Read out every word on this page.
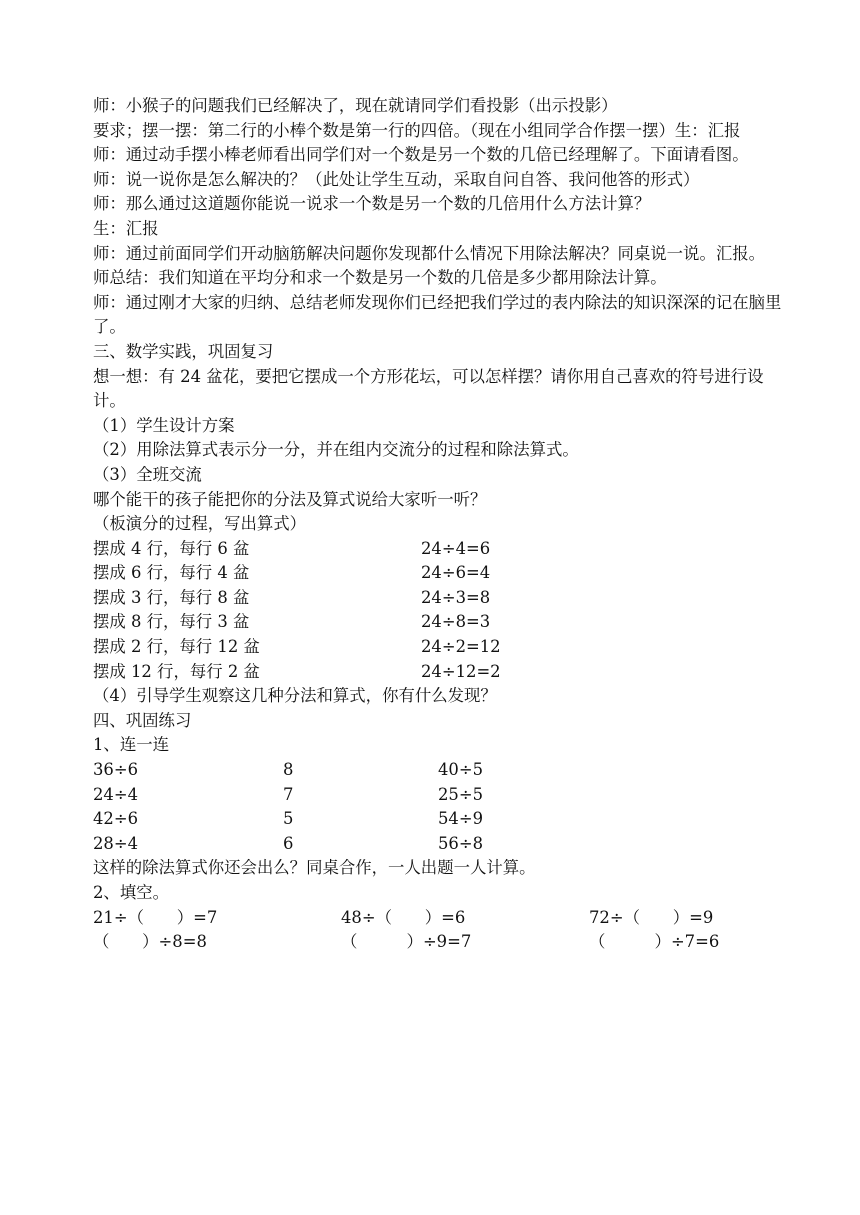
师：小猴子的问题我们已经解决了，现在就请同学们看投影（出示投影）

要求；摆一摆：第二行的小棒个数是第一行的四倍。（现在小组同学合作摆一摆）生：汇报

师：通过动手摆小棒老师看出同学们对一个数是另一个数的几倍已经理解了。下面请看图。

师：说一说你是怎么解决的？（此处让学生互动，采取自问自答、我问他答的形式）

师：那么通过这道题你能说一说求一个数是另一个数的几倍用什么方法计算？

生：汇报

师：通过前面同学们开动脑筋解决问题你发现都什么情况下用除法解决？同桌说一说。汇报。

师总结：我们知道在平均分和求一个数是另一个数的几倍是多少都用除法计算。

师：通过刚才大家的归纳、总结老师发现你们已经把我们学过的表内除法的知识深深的记在脑里了。

三、数学实践，巩固复习

想一想：有 24 盆花，要把它摆成一个方形花坛，可以怎样摆？请你用自己喜欢的符号进行设计。

（1）学生设计方案

（2）用除法算式表示分一分，并在组内交流分的过程和除法算式。

（3）全班交流

哪个能干的孩子能把你的分法及算式说给大家听一听？

（板演分的过程，写出算式）

摆成 4 行，每行 6 盆	24÷4=6
摆成 6 行，每行 4 盆	24÷6=4
摆成 3 行，每行 8 盆	24÷3=8
摆成 8 行，每行 3 盆	24÷8=3
摆成 2 行，每行 12 盆	24÷2=12
摆成 12 行，每行 2 盆	24÷12=2

（4）引导学生观察这几种分法和算式，你有什么发现？

四、巩固练习

1、连一连

36÷6	8	40÷5
24÷4	7	25÷5
42÷6	5	54÷9
28÷4	6	56÷8

这样的除法算式你还会出么？同桌合作，一人出题一人计算。

2、填空。

21÷（　　）=7	48÷（　　）=6	72÷（　　）=9
（　　）÷8=8	（　　　）÷9=7	（　　　）÷7=6
